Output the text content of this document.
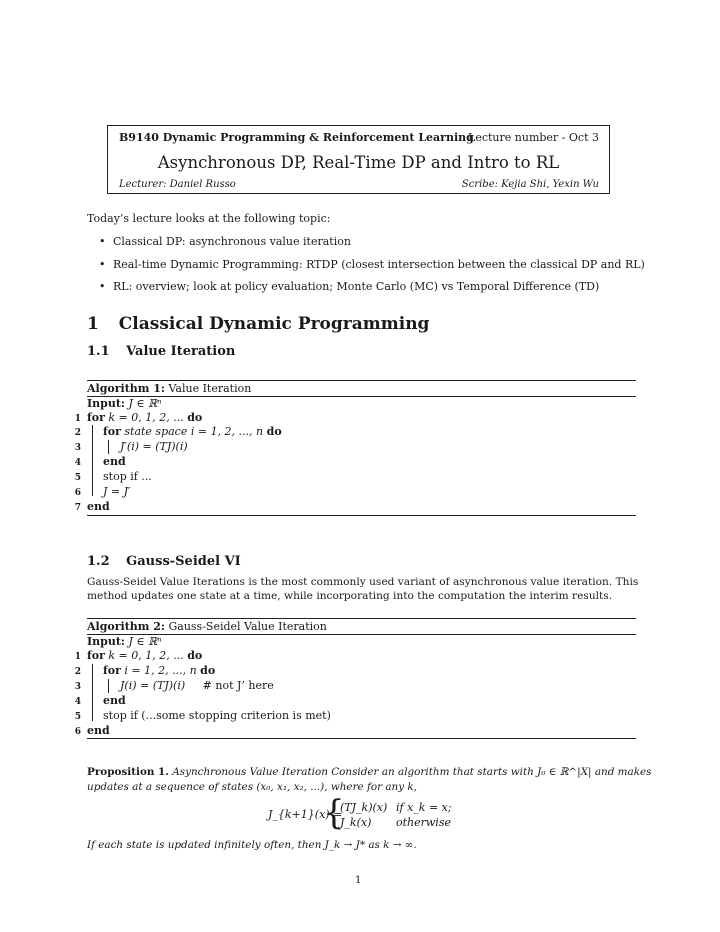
B9140 Dynamic Programming & Reinforcement Learning
Lecture number - Oct 3
Asynchronous DP, Real-Time DP and Intro to RL
Lecturer: Daniel Russo	Scribe: Kejia Shi, Yexin Wu
Today’s lecture looks at the following topic:
• Classical DP: asynchronous value iteration
• Real-time Dynamic Programming: RTDP (closest intersection between the classical DP and RL)
• RL: overview; look at policy evaluation; Monte Carlo (MC) vs Temporal Difference (TD)
1 Classical Dynamic Programming
1.1 Value Iteration
Algorithm 1: Value Iteration
Input: J ∈ ℝⁿ
1 for k = 0, 1, 2, ... do
2 for state space i = 1, 2, ..., n do
3	J′(i) = (TJ)(i)
4 end
5 stop if ...
6 J = J′
7 end
1.2 Gauss-Seidel VI
Gauss-Seidel Value Iterations is the most commonly used variant of asynchronous value iteration. This
method updates one state at a time, while incorporating into the computation the interim results.
Algorithm 2: Gauss-Seidel Value Iteration
Input: J ∈ ℝⁿ
1 for k = 0, 1, 2, ... do
2 for i = 1, 2, ..., n do
3	J(i) = (TJ)(i) # not J’ here
4 end
5 stop if (...some stopping criterion is met)
6 end
Proposition 1. Asynchronous Value Iteration Consider an algorithm that starts with J₀ ∈ ℝ^|X| and makes
updates at a sequence of states (x₀, x₁, x₂, ...), where for any k,
J_{k+1}(x) =
{
(TJ_k)(x) if x_k = x;
J_k(x) otherwise
If each state is updated infinitely often, then J_k → J* as k → ∞.
1
